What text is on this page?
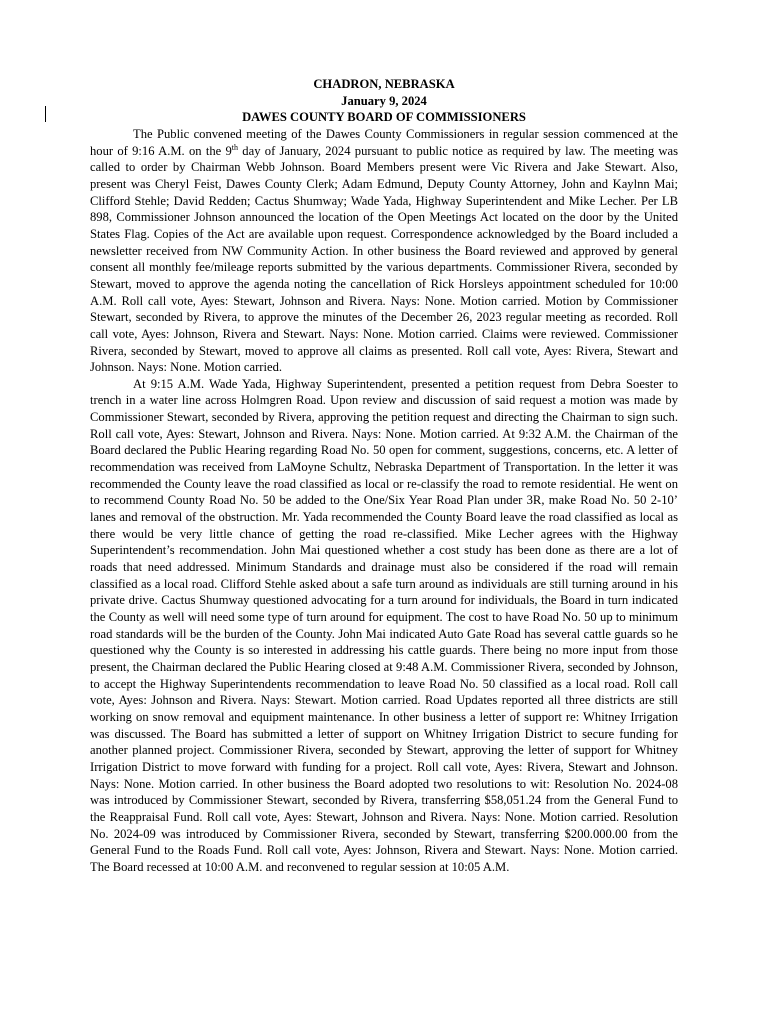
CHADRON, NEBRASKA

January 9, 2024

DAWES COUNTY BOARD OF COMMISSIONERS

The Public convened meeting of the Dawes County Commissioners in regular session commenced at the hour of 9:16 A.M. on the 9th day of January, 2024 pursuant to public notice as required by law. The meeting was called to order by Chairman Webb Johnson. Board Members present were Vic Rivera and Jake Stewart. Also, present was Cheryl Feist, Dawes County Clerk; Adam Edmund, Deputy County Attorney, John and Kaylnn Mai; Clifford Stehle; David Redden; Cactus Shumway; Wade Yada, Highway Superintendent and Mike Lecher. Per LB 898, Commissioner Johnson announced the location of the Open Meetings Act located on the door by the United States Flag. Copies of the Act are available upon request. Correspondence acknowledged by the Board included a newsletter received from NW Community Action. In other business the Board reviewed and approved by general consent all monthly fee/mileage reports submitted by the various departments. Commissioner Rivera, seconded by Stewart, moved to approve the agenda noting the cancellation of Rick Horsleys appointment scheduled for 10:00 A.M. Roll call vote, Ayes: Stewart, Johnson and Rivera. Nays: None. Motion carried. Motion by Commissioner Stewart, seconded by Rivera, to approve the minutes of the December 26, 2023 regular meeting as recorded. Roll call vote, Ayes: Johnson, Rivera and Stewart. Nays: None. Motion carried. Claims were reviewed. Commissioner Rivera, seconded by Stewart, moved to approve all claims as presented. Roll call vote, Ayes: Rivera, Stewart and Johnson. Nays: None. Motion carried.

At 9:15 A.M. Wade Yada, Highway Superintendent, presented a petition request from Debra Soester to trench in a water line across Holmgren Road. Upon review and discussion of said request a motion was made by Commissioner Stewart, seconded by Rivera, approving the petition request and directing the Chairman to sign such. Roll call vote, Ayes: Stewart, Johnson and Rivera. Nays: None. Motion carried. At 9:32 A.M. the Chairman of the Board declared the Public Hearing regarding Road No. 50 open for comment, suggestions, concerns, etc. A letter of recommendation was received from LaMoyne Schultz, Nebraska Department of Transportation. In the letter it was recommended the County leave the road classified as local or re-classify the road to remote residential. He went on to recommend County Road No. 50 be added to the One/Six Year Road Plan under 3R, make Road No. 50 2-10’ lanes and removal of the obstruction. Mr. Yada recommended the County Board leave the road classified as local as there would be very little chance of getting the road re-classified. Mike Lecher agrees with the Highway Superintendent’s recommendation. John Mai questioned whether a cost study has been done as there are a lot of roads that need addressed. Minimum Standards and drainage must also be considered if the road will remain classified as a local road. Clifford Stehle asked about a safe turn around as individuals are still turning around in his private drive. Cactus Shumway questioned advocating for a turn around for individuals, the Board in turn indicated the County as well will need some type of turn around for equipment. The cost to have Road No. 50 up to minimum road standards will be the burden of the County. John Mai indicated Auto Gate Road has several cattle guards so he questioned why the County is so interested in addressing his cattle guards. There being no more input from those present, the Chairman declared the Public Hearing closed at 9:48 A.M. Commissioner Rivera, seconded by Johnson, to accept the Highway Superintendents recommendation to leave Road No. 50 classified as a local road. Roll call vote, Ayes: Johnson and Rivera. Nays: Stewart. Motion carried. Road Updates reported all three districts are still working on snow removal and equipment maintenance. In other business a letter of support re: Whitney Irrigation was discussed. The Board has submitted a letter of support on Whitney Irrigation District to secure funding for another planned project. Commissioner Rivera, seconded by Stewart, approving the letter of support for Whitney Irrigation District to move forward with funding for a project. Roll call vote, Ayes: Rivera, Stewart and Johnson. Nays: None. Motion carried. In other business the Board adopted two resolutions to wit: Resolution No. 2024-08 was introduced by Commissioner Stewart, seconded by Rivera, transferring $58,051.24 from the General Fund to the Reappraisal Fund. Roll call vote, Ayes: Stewart, Johnson and Rivera. Nays: None. Motion carried. Resolution No. 2024-09 was introduced by Commissioner Rivera, seconded by Stewart, transferring $200.000.00 from the General Fund to the Roads Fund. Roll call vote, Ayes: Johnson, Rivera and Stewart. Nays: None. Motion carried. The Board recessed at 10:00 A.M. and reconvened to regular session at 10:05 A.M.
